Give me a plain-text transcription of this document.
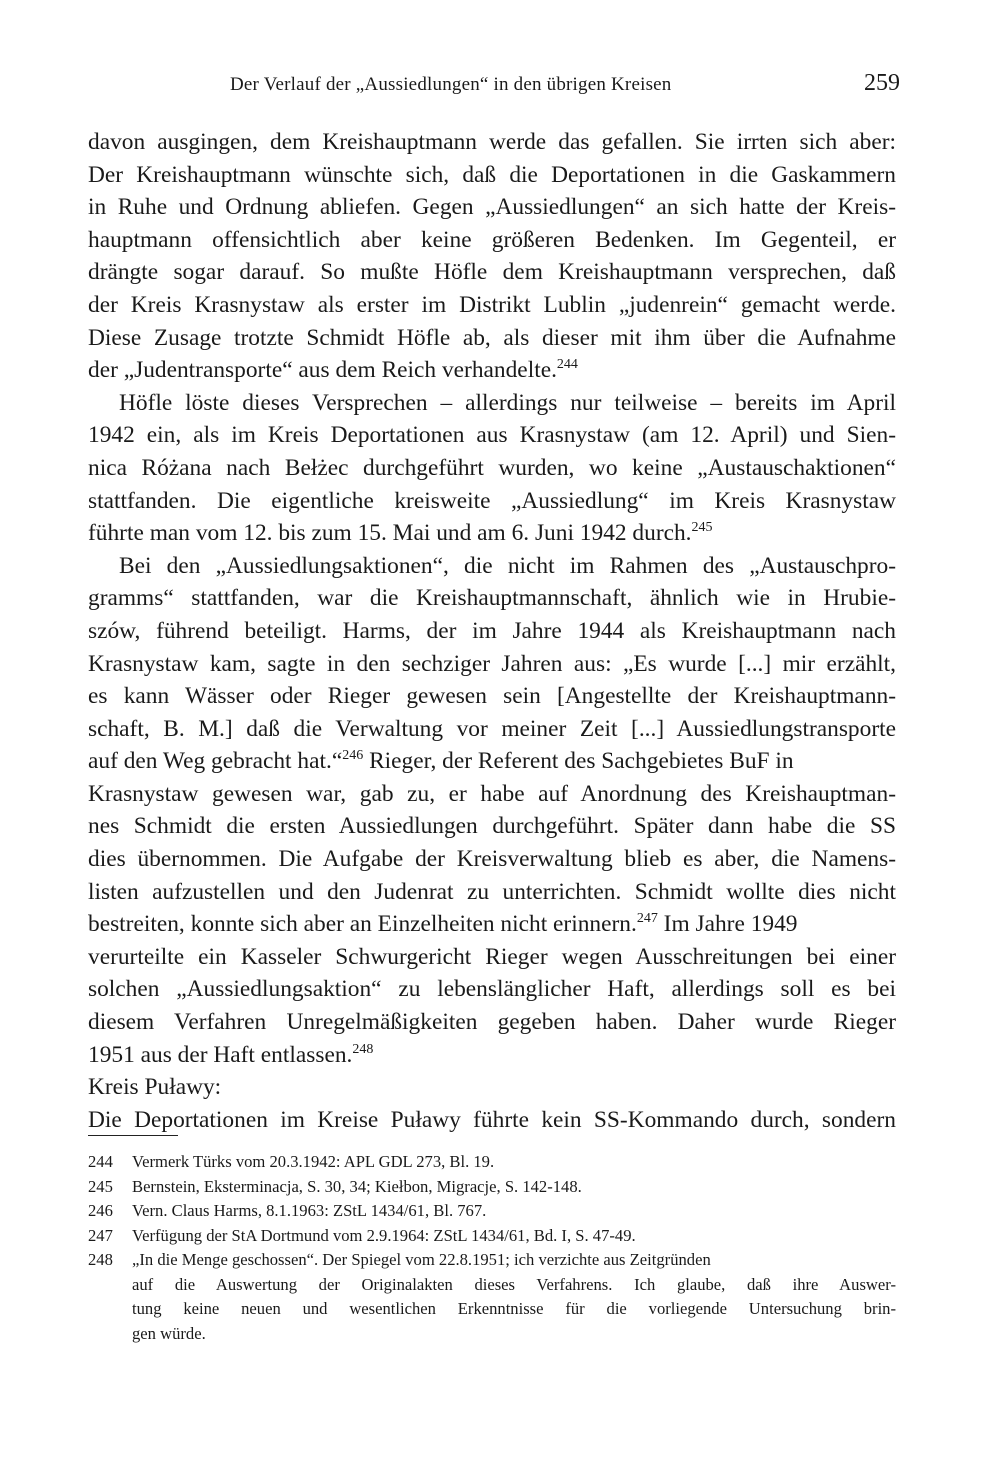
Der Verlauf der „Aussiedlungen“ in den übrigen Kreisen	259
davon ausgingen, dem Kreishauptmann werde das gefallen. Sie irrten sich aber:
Der Kreishauptmann wünschte sich, daß die Deportationen in die Gaskammern
in Ruhe und Ordnung abliefen. Gegen „Aussiedlungen“ an sich hatte der Kreis-
hauptmann offensichtlich aber keine größeren Bedenken. Im Gegenteil, er
drängte sogar darauf. So mußte Höfle dem Kreishauptmann versprechen, daß
der Kreis Krasnystaw als erster im Distrikt Lublin „judenrein“ gemacht werde.
Diese Zusage trotzte Schmidt Höfle ab, als dieser mit ihm über die Aufnahme
der „Judentransporte“ aus dem Reich verhandelte.$^{244}$
Höfle löste dieses Versprechen – allerdings nur teilweise – bereits im April
1942 ein, als im Kreis Deportationen aus Krasnystaw (am 12. April) und Sien-
nica Różana nach Bełżec durchgeführt wurden, wo keine „Austauschaktionen“
stattfanden. Die eigentliche kreisweite „Aussiedlung“ im Kreis Krasnystaw
führte man vom 12. bis zum 15. Mai und am 6. Juni 1942 durch.$^{245}$
Bei den „Aussiedlungsaktionen“, die nicht im Rahmen des „Austauschpro-
gramms“ stattfanden, war die Kreishauptmannschaft, ähnlich wie in Hrubie-
szów, führend beteiligt. Harms, der im Jahre 1944 als Kreishauptmann nach
Krasnystaw kam, sagte in den sechziger Jahren aus: „Es wurde [...] mir erzählt,
es kann Wässer oder Rieger gewesen sein [Angestellte der Kreishauptmann-
schaft, B. M.] daß die Verwaltung vor meiner Zeit [...] Aussiedlungstransporte
auf den Weg gebracht hat.“$^{246}$ Rieger, der Referent des Sachgebietes BuF in
Krasnystaw gewesen war, gab zu, er habe auf Anordnung des Kreishauptman-
nes Schmidt die ersten Aussiedlungen durchgeführt. Später dann habe die SS
dies übernommen. Die Aufgabe der Kreisverwaltung blieb es aber, die Namens-
listen aufzustellen und den Judenrat zu unterrichten. Schmidt wollte dies nicht
bestreiten, konnte sich aber an Einzelheiten nicht erinnern.$^{247}$ Im Jahre 1949
verurteilte ein Kasseler Schwurgericht Rieger wegen Ausschreitungen bei einer
solchen „Aussiedlungsaktion“ zu lebenslänglicher Haft, allerdings soll es bei
diesem Verfahren Unregelmäßigkeiten gegeben haben. Daher wurde Rieger
1951 aus der Haft entlassen.$^{248}$
Kreis Puławy:
Die Deportationen im Kreise Puławy führte kein SS-Kommando durch, sondern
244 Vermerk Türks vom 20.3.1942: APL GDL 273, Bl. 19.
245 Bernstein, Eksterminacja, S. 30, 34; Kiełbon, Migracje, S. 142-148.
246 Vern. Claus Harms, 8.1.1963: ZStL 1434/61, Bl. 767.
247 Verfügung der StA Dortmund vom 2.9.1964: ZStL 1434/61, Bd. I, S. 47-49.
248 „In die Menge geschossen“. Der Spiegel vom 22.8.1951; ich verzichte aus Zeitgründen
auf die Auswertung der Originalakten dieses Verfahrens. Ich glaube, daß ihre Auswer-
tung keine neuen und wesentlichen Erkenntnisse für die vorliegende Untersuchung brin-
gen würde.
